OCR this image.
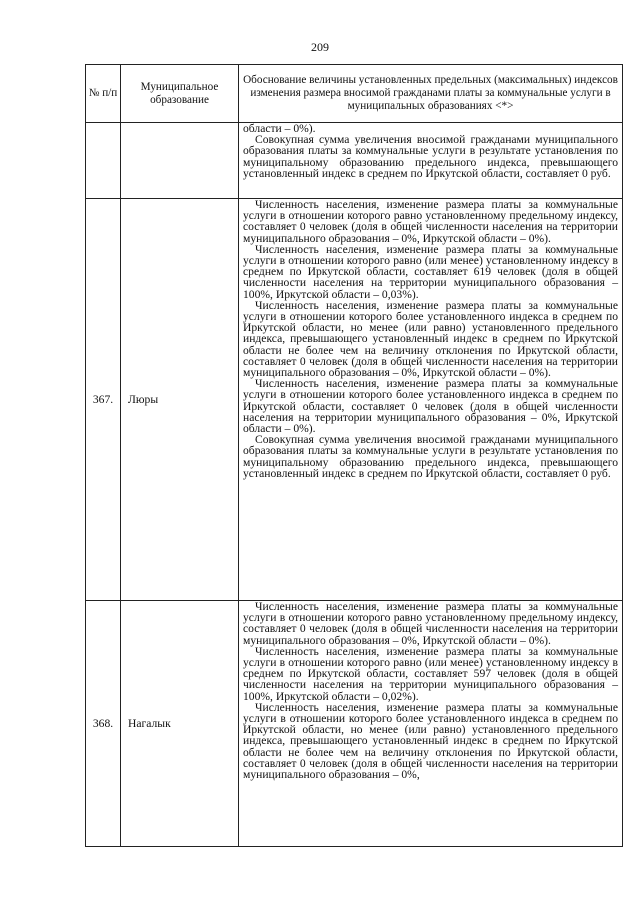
209
№ п/п	Муниципальное образование	Обоснование величины установленных предельных (максимальных) индексов изменения размера вносимой гражданами платы за коммунальные услуги в муниципальных образованиях <*>

		области – 0%).

Совокупная сумма увеличения вносимой гражданами муниципального образования платы за коммунальные услуги в результате установления по муниципальному образованию предельного индекса, превышающего установленный индекс в среднем по Иркутской области, составляет 0 руб.

367.	Люры	Численность населения, изменение размера платы за коммунальные услуги в отношении которого равно установленному предельному индексу, составляет 0 человек (доля в общей численности населения на территории муниципального образования – 0%, Иркутской области – 0%).

Численность населения, изменение размера платы за коммунальные услуги в отношении которого равно (или менее) установленному индексу в среднем по Иркутской области, составляет 619 человек (доля в общей численности населения на территории муниципального образования – 100%, Иркутской области – 0,03%).

Численность населения, изменение размера платы за коммунальные услуги в отношении которого более установленного индекса в среднем по Иркутской области, но менее (или равно) установленного предельного индекса, превышающего установленный индекс в среднем по Иркутской области не более чем на величину отклонения по Иркутской области, составляет 0 человек (доля в общей численности населения на территории муниципального образования – 0%, Иркутской области – 0%).

Численность населения, изменение размера платы за коммунальные услуги в отношении которого более установленного индекса в среднем по Иркутской области, составляет 0 человек (доля в общей численности населения на территории муниципального образования – 0%, Иркутской области – 0%).

Совокупная сумма увеличения вносимой гражданами муниципального образования платы за коммунальные услуги в результате установления по муниципальному образованию предельного индекса, превышающего установленный индекс в среднем по Иркутской области, составляет 0 руб.

368.	Нагалык	Численность населения, изменение размера платы за коммунальные услуги в отношении которого равно установленному предельному индексу, составляет 0 человек (доля в общей численности населения на территории муниципального образования – 0%, Иркутской области – 0%).

Численность населения, изменение размера платы за коммунальные услуги в отношении которого равно (или менее) установленному индексу в среднем по Иркутской области, составляет 597 человек (доля в общей численности населения на территории муниципального образования – 100%, Иркутской области – 0,02%).

Численность населения, изменение размера платы за коммунальные услуги в отношении которого более установленного индекса в среднем по Иркутской области, но менее (или равно) установленного предельного индекса, превышающего установленный индекс в среднем по Иркутской области не более чем на величину отклонения по Иркутской области, составляет 0 человек (доля в общей численности населения на территории муниципального образования – 0%,
